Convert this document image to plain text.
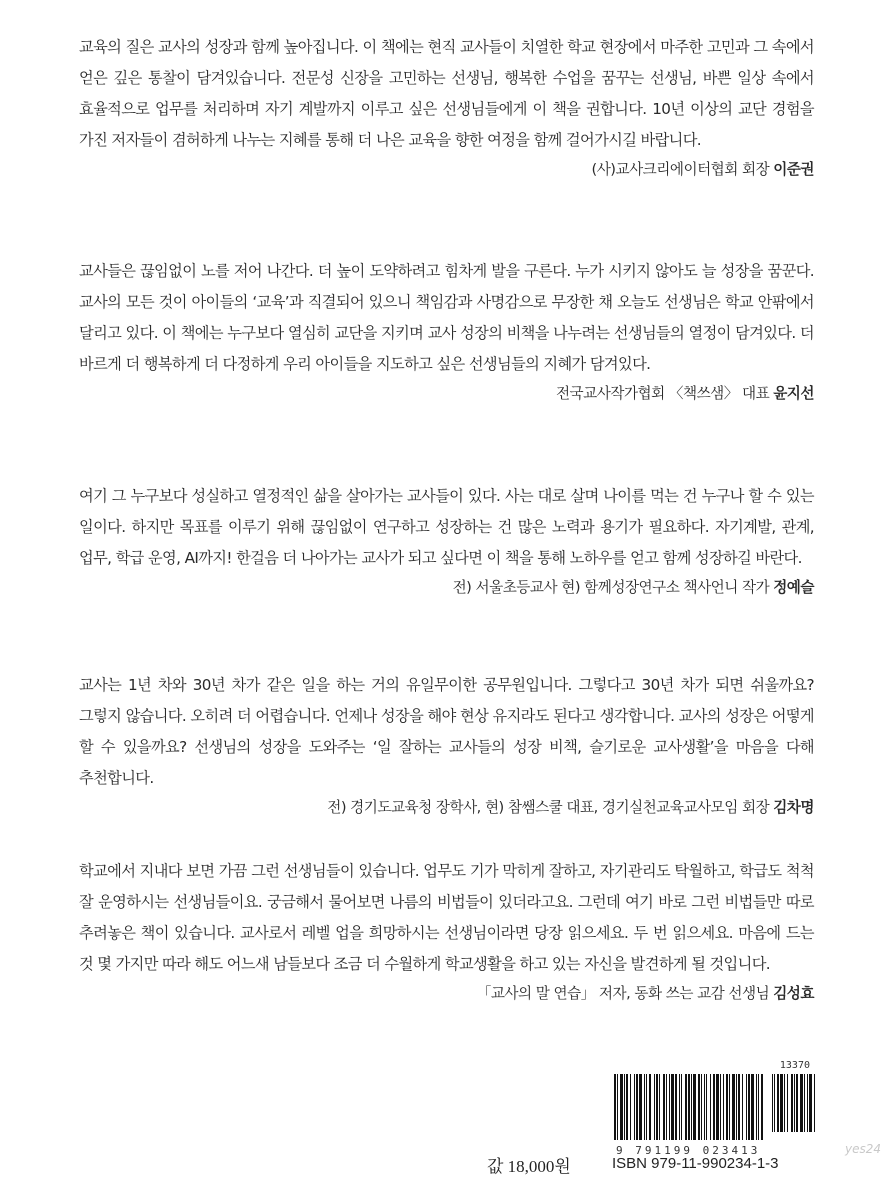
교육의 질은 교사의 성장과 함께 높아집니다. 이 책에는 현직 교사들이 치열한 학교 현장에서 마주한 고민과 그 속에서 얻은 깊은 통찰이 담겨있습니다. 전문성 신장을 고민하는 선생님, 행복한 수업을 꿈꾸는 선생님, 바쁜 일상 속에서 효율적으로 업무를 처리하며 자기 계발까지 이루고 싶은 선생님들에게 이 책을 권합니다. 10년 이상의 교단 경험을 가진 저자들이 겸허하게 나누는 지혜를 통해 더 나은 교육을 향한 여정을 함께 걸어가시길 바랍니다.

(사)교사크리에이터협회 회장 이준권

교사들은 끊임없이 노를 저어 나간다. 더 높이 도약하려고 힘차게 발을 구른다. 누가 시키지 않아도 늘 성장을 꿈꾼다. 교사의 모든 것이 아이들의 ‘교육’과 직결되어 있으니 책임감과 사명감으로 무장한 채 오늘도 선생님은 학교 안팎에서 달리고 있다. 이 책에는 누구보다 열심히 교단을 지키며 교사 성장의 비책을 나누려는 선생님들의 열정이 담겨있다. 더 바르게 더 행복하게 더 다정하게 우리 아이들을 지도하고 싶은 선생님들의 지혜가 담겨있다.

전국교사작가협회 〈책쓰샘〉 대표 윤지선

여기 그 누구보다 성실하고 열정적인 삶을 살아가는 교사들이 있다. 사는 대로 살며 나이를 먹는 건 누구나 할 수 있는 일이다. 하지만 목표를 이루기 위해 끊임없이 연구하고 성장하는 건 많은 노력과 용기가 필요하다. 자기계발, 관계, 업무, 학급 운영, AI까지! 한걸음 더 나아가는 교사가 되고 싶다면 이 책을 통해 노하우를 얻고 함께 성장하길 바란다.

전) 서울초등교사 현) 함께성장연구소 책사언니 작가 정예슬

교사는 1년 차와 30년 차가 같은 일을 하는 거의 유일무이한 공무원입니다. 그렇다고 30년 차가 되면 쉬울까요? 그렇지 않습니다. 오히려 더 어렵습니다. 언제나 성장을 해야 현상 유지라도 된다고 생각합니다. 교사의 성장은 어떻게 할 수 있을까요? 선생님의 성장을 도와주는 ‘일 잘하는 교사들의 성장 비책, 슬기로운 교사생활’을 마음을 다해 추천합니다.

전) 경기도교육청 장학사, 현) 참쌤스쿨 대표, 경기실천교육교사모임 회장 김차명

학교에서 지내다 보면 가끔 그런 선생님들이 있습니다. 업무도 기가 막히게 잘하고, 자기관리도 탁월하고, 학급도 척척 잘 운영하시는 선생님들이요. 궁금해서 물어보면 나름의 비법들이 있더라고요. 그런데 여기 바로 그런 비법들만 따로 추려놓은 책이 있습니다. 교사로서 레벨 업을 희망하시는 선생님이라면 당장 읽으세요. 두 번 읽으세요. 마음에 드는 것 몇 가지만 따라 해도 어느새 남들보다 조금 더 수월하게 학교생활을 하고 있는 자신을 발견하게 될 것입니다.

「교사의 말 연습」 저자, 동화 쓰는 교감 선생님 김성효
13370
9 791199 023413
값 18,000원	ISBN 979-11-990234-1-3
yes24
